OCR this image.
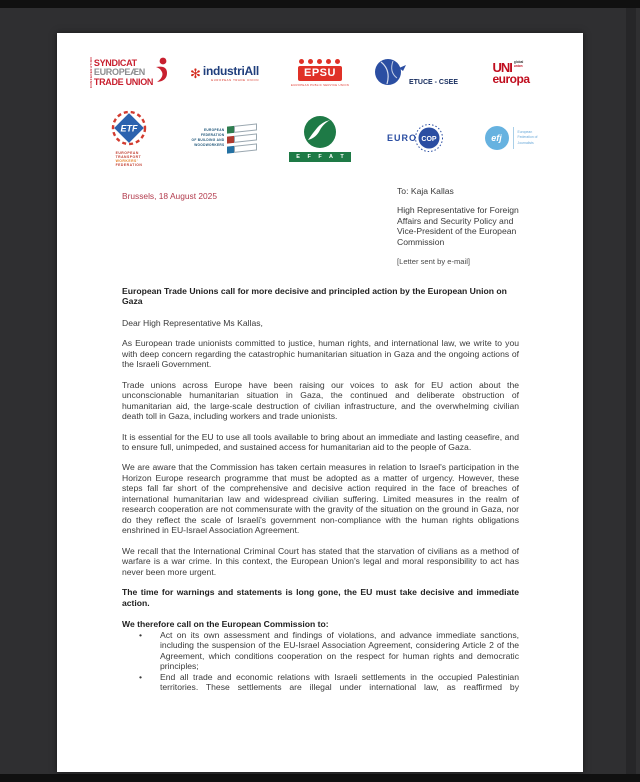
CONFEDERATION SYNDICAT
EUROPEÆN
TRADE UNION
✻ industriAll
EUROPEAN TRADE UNION
EPSU
EUROPEAN PUBLIC SERVICE UNION	ETUCE - CSEE
UNI global
union
europa
ETF
EUROPEAN
TRANSPORT
WORKERS'
FEDERATION
EUROPEAN
FEDERATION
OF BUILDING AND
WOODWORKERS
E F F A T
EURO COP	efj
European
Federation of
Journalists
Brussels, 18 August 2025	To: Kaja Kallas
High Representative for Foreign Affairs and Security Policy and Vice-President of the European Commission
[Letter sent by e-mail]
European Trade Unions call for more decisive and principled action by the European Union on Gaza
Dear High Representative Ms Kallas,

As European trade unionists committed to justice, human rights, and international law, we write to you with deep concern regarding the catastrophic humanitarian situation in Gaza and the ongoing actions of the Israeli Government.

Trade unions across Europe have been raising our voices to ask for EU action about the unconscionable humanitarian situation in Gaza, the continued and deliberate obstruction of humanitarian aid, the large-scale destruction of civilian infrastructure, and the overwhelming civilian death toll in Gaza, including workers and trade unionists.

It is essential for the EU to use all tools available to bring about an immediate and lasting ceasefire, and to ensure full, unimpeded, and sustained access for humanitarian aid to the people of Gaza.

We are aware that the Commission has taken certain measures in relation to Israel's participation in the Horizon Europe research programme that must be adopted as a matter of urgency. However, these steps fall far short of the comprehensive and decisive action required in the face of breaches of international humanitarian law and widespread civilian suffering. Limited measures in the realm of research cooperation are not commensurate with the gravity of the situation on the ground in Gaza, nor do they reflect the scale of Israeli's government non-compliance with the human rights obligations enshrined in EU-Israel Association Agreement.

We recall that the International Criminal Court has stated that the starvation of civilians as a method of warfare is a war crime. In this context, the European Union's legal and moral responsibility to act has never been more urgent.

The time for warnings and statements is long gone, the EU must take decisive and immediate action.

We therefore call on the European Commission to:
• Act on its own assessment and findings of violations, and advance immediate sanctions, including the suspension of the EU-Israel Association Agreement, considering Article 2 of the Agreement, which conditions cooperation on the respect for human rights and democratic principles;
• End all trade and economic relations with Israeli settlements in the occupied Palestinian territories. These settlements are illegal under international law, as reaffirmed by
